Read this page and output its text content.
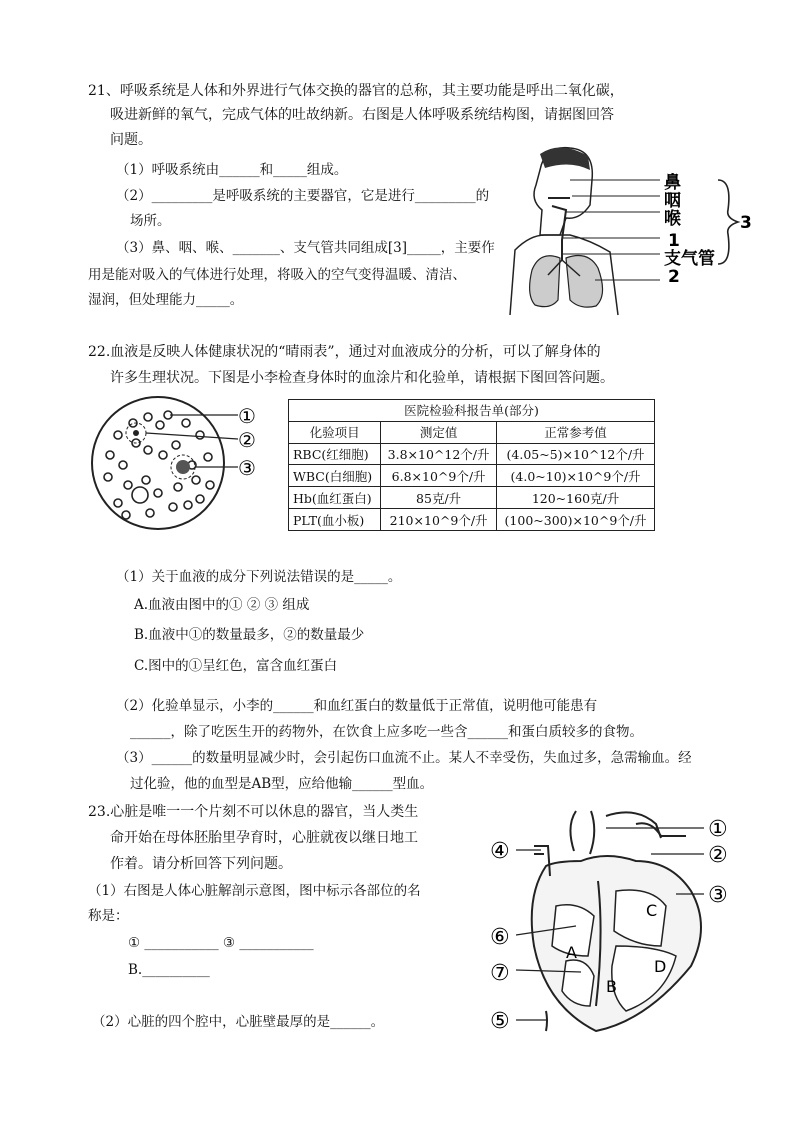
21、呼吸系统是人体和外界进行气体交换的器官的总称，其主要功能是呼出二氧化碳，
吸进新鲜的氧气，完成气体的吐故纳新。右图是人体呼吸系统结构图，请据图回答
问题。
（1）呼吸系统由______和_____组成。
（2）_________是呼吸系统的主要器官，它是进行_________的
场所。
（3）鼻、咽、喉、_______、支气管共同组成[3]_____，主要作
用是能对吸入的气体进行处理，将吸入的空气变得温暖、清洁、
湿润，但处理能力_____。
鼻
咽
喉
1
支气管
2
3
22.血液是反映人体健康状况的“晴雨表”，通过对血液成分的分析，可以了解身体的
许多生理状况。下图是小李检查身体时的血涂片和化验单，请根据下图回答问题。
①
②
③
医院检验科报告单(部分)		
化验项目	测定值	正常参考值
RBC(红细胞)	3.8×10^12个/升	(4.05~5)×10^12个/升
WBC(白细胞)	6.8×10^9个/升	(4.0~10)×10^9个/升
Hb(血红蛋白)	85克/升	120~160克/升
PLT(血小板)	210×10^9个/升	(100~300)×10^9个/升
（1）关于血液的成分下列说法错误的是_____。
A.血液由图中的① ② ③ 组成
B.血液中①的数量最多，②的数量最少
C.图中的①呈红色，富含血红蛋白
（2）化验单显示，小李的______和血红蛋白的数量低于正常值，说明他可能患有
______，除了吃医生开的药物外，在饮食上应多吃一些含______和蛋白质较多的食物。
（3）______的数量明显减少时，会引起伤口血流不止。某人不幸受伤，失血过多，急需输血。经
过化验，他的血型是AB型，应给他输______型血。
23.心脏是唯一一个片刻不可以休息的器官，当人类生
命开始在母体胚胎里孕育时，心脏就夜以继日地工
作着。请分析回答下列问题。
（1）右图是人体心脏解剖示意图，图中标示各部位的名
称是：
① ___________ ③ ___________
B.__________
（2）心脏的四个腔中，心脏壁最厚的是______。
①
②
③
④
⑥
⑦
⑤
A
B
C
D
